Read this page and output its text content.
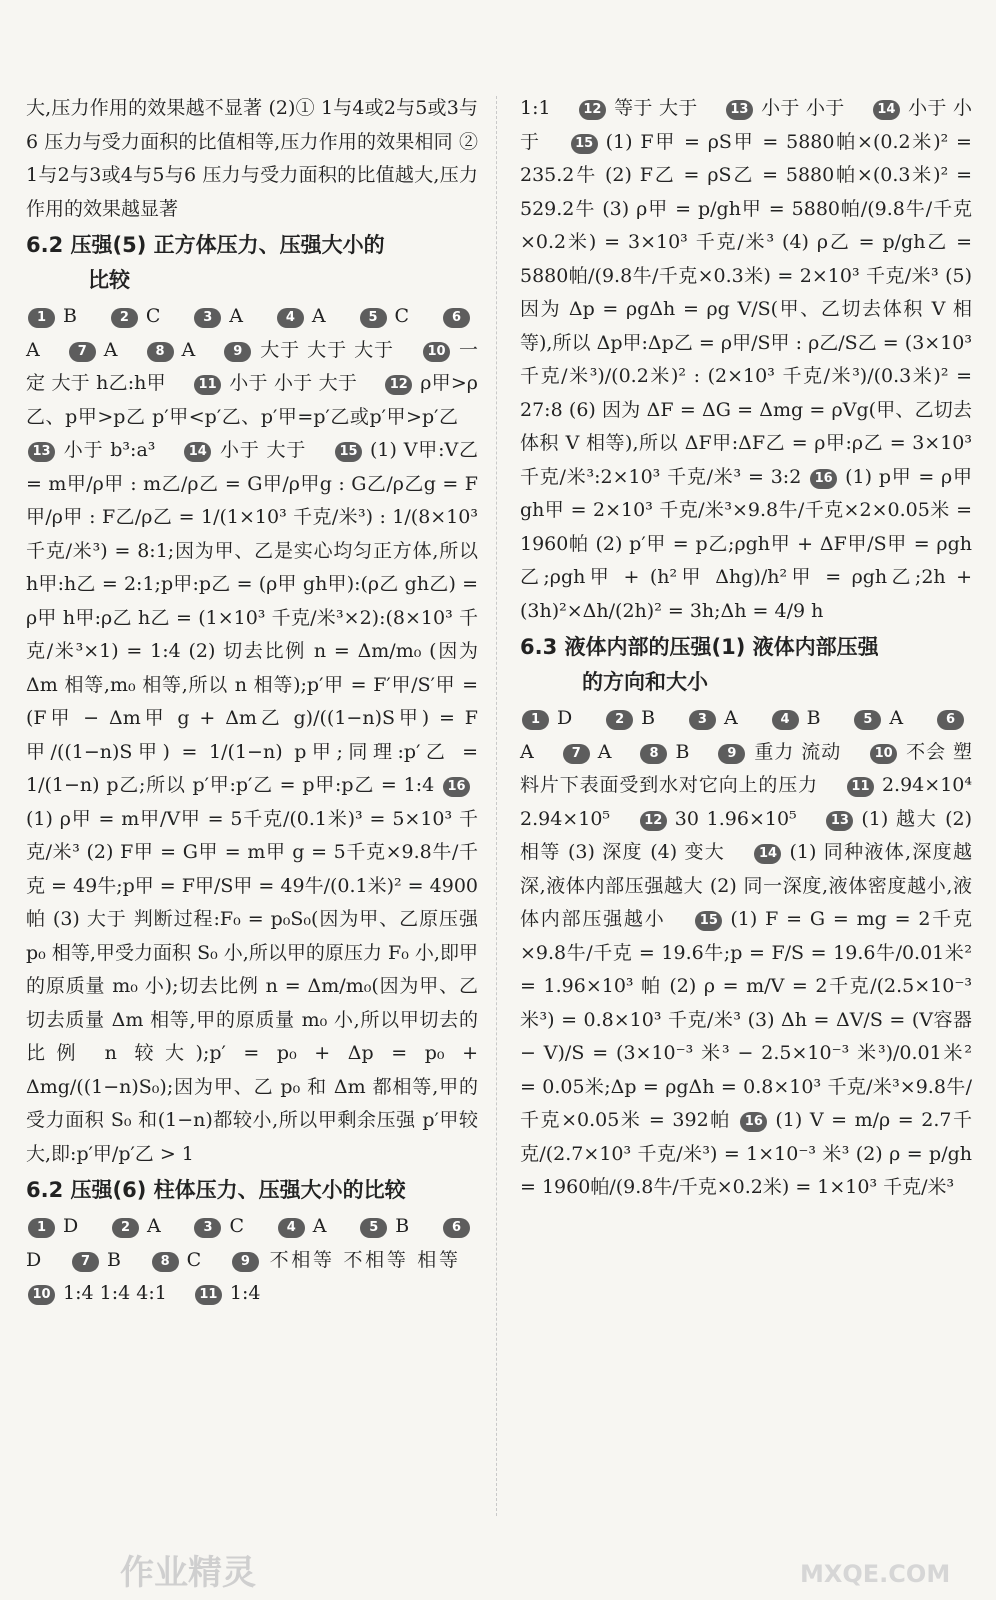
大,压力作用的效果越不显著 (2)① 1与4或2与5或3与6 压力与受力面积的比值相等,压力作用的效果相同 ② 1与2与3或4与5与6 压力与受力面积的比值越大,压力作用的效果越显著

6.2 压强(5) 正方体压力、压强大小的
比较

1 B	2 C	3 A	4 A	5 C	6A	7 A	8 A	9 大于 大于 大于	10 一定 大于 h乙:h甲	11 小于 小于 大于	12 ρ甲>ρ乙、p甲>p乙 p′甲<p′乙、p′甲=p′乙或p′甲>p′乙 13 小于 b³:a³	14 小于 大于	15 (1) V甲:V乙 = m甲/ρ甲 : m乙/ρ乙 = G甲/ρ甲g : G乙/ρ乙g = F甲/ρ甲 : F乙/ρ乙 = 1/(1×10³ 千克/米³) : 1/(8×10³ 千克/米³) = 8:1;因为甲、乙是实心均匀正方体,所以 h甲:h乙 = 2:1;p甲:p乙 = (ρ甲 gh甲):(ρ乙 gh乙) = ρ甲 h甲:ρ乙 h乙 = (1×10³ 千克/米³×2):(8×10³ 千克/米³×1) = 1:4 (2) 切去比例 n = Δm/m₀ (因为 Δm 相等,m₀ 相等,所以 n 相等);p′甲 = F′甲/S′甲 = (F甲 − Δm甲 g + Δm乙 g)/((1−n)S甲) = F甲/((1−n)S甲) = 1/(1−n) p甲;同理:p′乙 = 1/(1−n) p乙;所以 p′甲:p′乙 = p甲:p乙 = 1:4 16(1) ρ甲 = m甲/V甲 = 5千克/(0.1米)³ = 5×10³ 千克/米³ (2) F甲 = G甲 = m甲 g = 5千克×9.8牛/千克 = 49牛;p甲 = F甲/S甲 = 49牛/(0.1米)² = 4900帕 (3) 大于 判断过程:F₀ = p₀S₀(因为甲、乙原压强 p₀ 相等,甲受力面积 S₀ 小,所以甲的原压力 F₀ 小,即甲的原质量 m₀ 小);切去比例 n = Δm/m₀(因为甲、乙切去质量 Δm 相等,甲的原质量 m₀ 小,所以甲切去的比例 n 较大);p′ = p₀ + Δp = p₀ + Δmg/((1−n)S₀);因为甲、乙 p₀ 和 Δm 都相等,甲的受力面积 S₀ 和(1−n)都较小,所以甲剩余压强 p′甲较大,即:p′甲/p′乙 > 1

6.2 压强(6) 柱体压力、压强大小的比较

1 D	2 A	3 C	4 A	5 B	6D	7 B	8 C	9 不相等 不相等 相等 10 1:4 1:4 4:1	11 1:4

1:1	12 等于 大于	13 小于 小于	14 小于 小于	15 (1) F甲 = ρS甲 = 5880帕×(0.2米)² = 235.2牛 (2) F乙 = ρS乙 = 5880帕×(0.3米)² = 529.2牛 (3) ρ甲 = p/gh甲 = 5880帕/(9.8牛/千克×0.2米) = 3×10³ 千克/米³ (4) ρ乙 = p/gh乙 = 5880帕/(9.8牛/千克×0.3米) = 2×10³ 千克/米³ (5) 因为 Δp = ρgΔh = ρg V/S(甲、乙切去体积 V 相等),所以 Δp甲:Δp乙 = ρ甲/S甲 : ρ乙/S乙 = (3×10³ 千克/米³)/(0.2米)² : (2×10³ 千克/米³)/(0.3米)² = 27:8 (6) 因为 ΔF = ΔG = Δmg = ρVg(甲、乙切去体积 V 相等),所以 ΔF甲:ΔF乙 = ρ甲:ρ乙 = 3×10³ 千克/米³:2×10³ 千克/米³ = 3:2 16 (1) p甲 = ρ甲 gh甲 = 2×10³ 千克/米³×9.8牛/千克×2×0.05米 = 1960帕 (2) p′甲 = p乙;ρgh甲 + ΔF甲/S甲 = ρgh乙;ρgh甲 + (h²甲 Δhg)/h²甲 = ρgh乙;2h + (3h)²×Δh/(2h)² = 3h;Δh = 4/9 h

6.3 液体内部的压强(1) 液体内部压强
的方向和大小

1 D	2 B	3 A	4 B	5 A	6A	7 A	8 B	9 重力 流动	10 不会 塑料片下表面受到水对它向上的压力	11 2.94×10⁴ 2.94×10⁵	12 30 1.96×10⁵	13 (1) 越大 (2) 相等 (3) 深度 (4) 变大	14 (1) 同种液体,深度越深,液体内部压强越大 (2) 同一深度,液体密度越小,液体内部压强越小	15 (1) F = G = mg = 2千克×9.8牛/千克 = 19.6牛;p = F/S = 19.6牛/0.01米² = 1.96×10³ 帕 (2) ρ = m/V = 2千克/(2.5×10⁻³ 米³) = 0.8×10³ 千克/米³ (3) Δh = ΔV/S = (V容器 − V)/S = (3×10⁻³ 米³ − 2.5×10⁻³ 米³)/0.01米² = 0.05米;Δp = ρgΔh = 0.8×10³ 千克/米³×9.8牛/千克×0.05米 = 392帕 16 (1) V = m/ρ = 2.7千克/(2.7×10³ 千克/米³) = 1×10⁻³ 米³ (2) ρ = p/gh = 1960帕/(9.8牛/千克×0.2米) = 1×10³ 千克/米³

作业精灵	MXQE.COM
